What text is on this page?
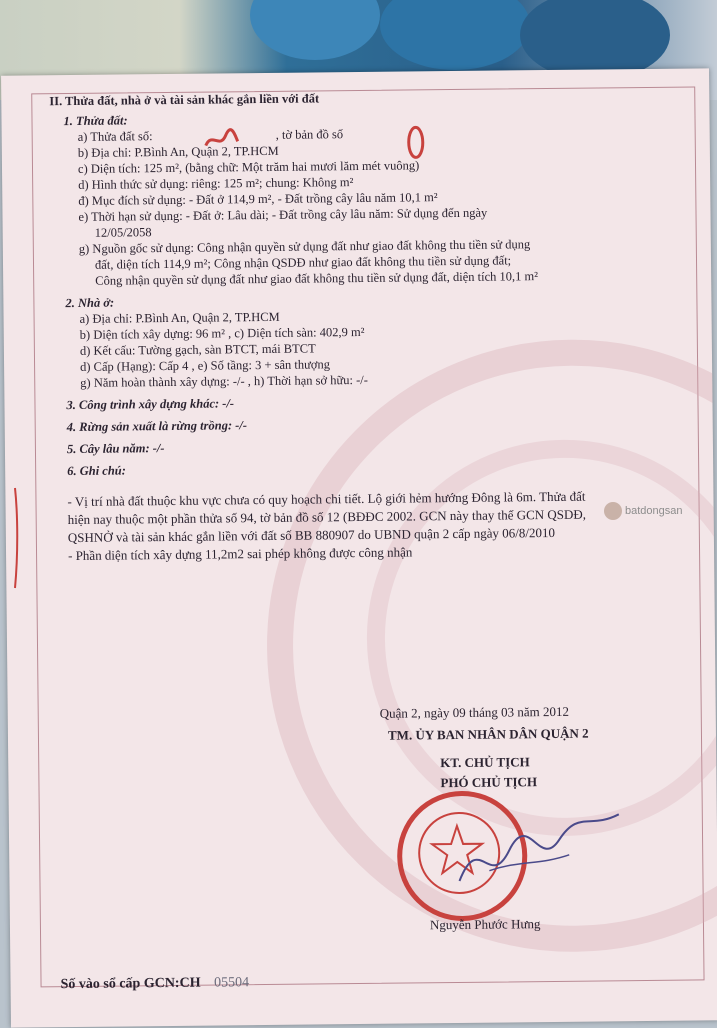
II. Thửa đất, nhà ở và tài sản khác gắn liền với đất
1. Thửa đất:
a) Thửa đất số:	, tờ bản đồ số
b) Địa chỉ: P.Bình An, Quận 2, TP.HCM
c) Diện tích: 125 m², (bằng chữ: Một trăm hai mươi lăm mét vuông)
d) Hình thức sử dụng: riêng: 125 m²; chung: Không m²
đ) Mục đích sử dụng: - Đất ở 114,9 m², - Đất trồng cây lâu năm 10,1 m²
e) Thời hạn sử dụng: - Đất ở: Lâu dài; - Đất trồng cây lâu năm: Sử dụng đến ngày
12/05/2058
g) Nguồn gốc sử dụng: Công nhận quyền sử dụng đất như giao đất không thu tiền sử dụng
đất, diện tích 114,9 m²; Công nhận QSDĐ như giao đất không thu tiền sử dụng đất;
Công nhận quyền sử dụng đất như giao đất không thu tiền sử dụng đất, diện tích 10,1 m²
2. Nhà ở:
a) Địa chỉ: P.Bình An, Quận 2, TP.HCM
b) Diện tích xây dựng: 96 m² , c) Diện tích sàn: 402,9 m²
d) Kết cấu: Tường gạch, sàn BTCT, mái BTCT
d) Cấp (Hạng): Cấp 4 , e) Số tầng: 3 + sân thượng
g) Năm hoàn thành xây dựng: -/- , h) Thời hạn sở hữu: -/-
3. Công trình xây dựng khác: -/-
4. Rừng sản xuất là rừng trồng: -/-
5. Cây lâu năm: -/-
6. Ghi chú:
- Vị trí nhà đất thuộc khu vực chưa có quy hoạch chi tiết. Lộ giới hẻm hướng Đông là 6m. Thửa đất hiện nay thuộc một phần thửa số 94, tờ bản đồ số 12 (BĐĐC 2002. GCN này thay thế GCN QSDĐ, QSHNỞ và tài sản khác gắn liền với đất số BB 880907 do UBND quận 2 cấp ngày 06/8/2010
- Phần diện tích xây dựng 11,2m2 sai phép không được công nhận
Quận 2, ngày 09 tháng 03 năm 2012
TM. ỦY BAN NHÂN DÂN QUẬN 2
KT. CHỦ TỊCH
PHÓ CHỦ TỊCH
Nguyễn Phước Hưng
Số vào sổ cấp GCN:CH 05504
batdongsan
